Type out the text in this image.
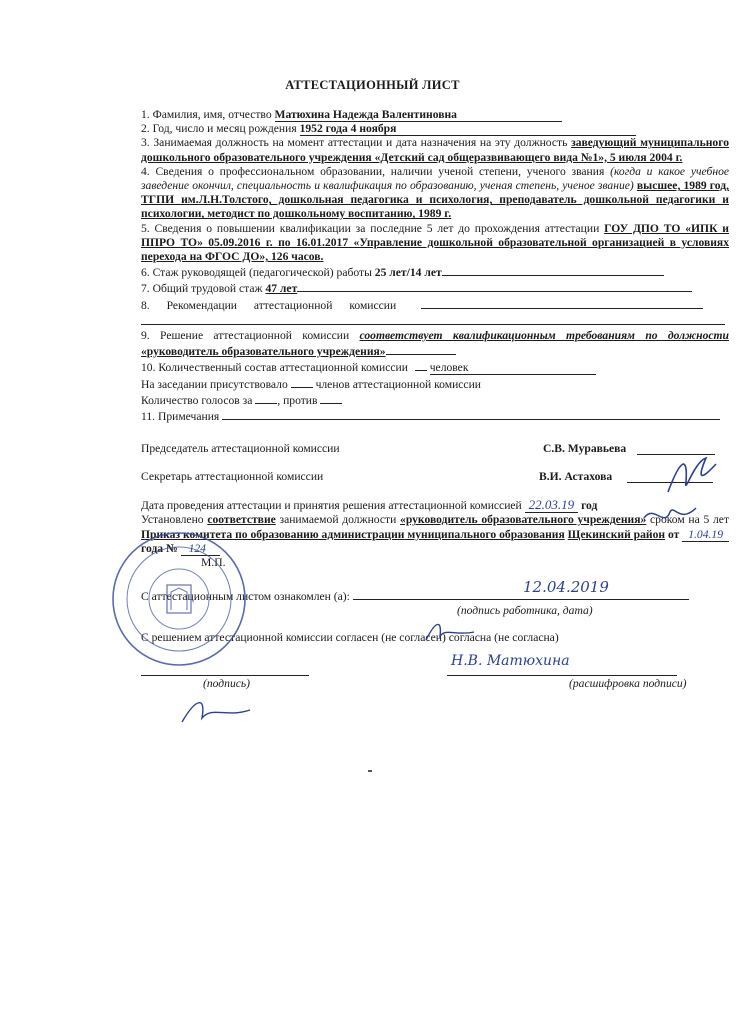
АТТЕСТАЦИОННЫЙ ЛИСТ
1. Фамилия, имя, отчество Матюхина Надежда Валентиновна
2. Год, число и месяц рождения 1952 года 4 ноября
3. Занимаемая должность на момент аттестации и дата назначения на эту должность заведующий муниципального дошкольного образовательного учреждения «Детский сад общеразвивающего вида №1», 5 июля 2004 г.
4. Сведения о профессиональном образовании, наличии ученой степени, ученого звания (когда и какое учебное заведение окончил, специальность и квалификация по образованию, ученая степень, ученое звание) высшее, 1989 год, ТГПИ им.Л.Н.Толстого, дошкольная педагогика и психология, преподаватель дошкольной педагогики и психологии, методист по дошкольному воспитанию, 1989 г.
5. Сведения о повышении квалификации за последние 5 лет до прохождения аттестации ГОУ ДПО ТО «ИПК и ППРО ТО» 05.09.2016 г. по 16.01.2017 «Управление дошкольной образовательной организацией в условиях перехода на ФГОС ДО», 126 часов.
6. Стаж руководящей (педагогической) работы 25 лет/14 лет
7. Общий трудовой стаж 47 лет
8. Рекомендации аттестационной комиссии
9. Решение аттестационной комиссии соответствует квалификационным требованиям по должности «руководитель образовательного учреждения»
10. Количественный состав аттестационной комиссии человек
На заседании присутствовало членов аттестационной комиссии
Количество голосов за , против
11. Примечания
Председатель аттестационной комиссии	С.В. Муравьева
Секретарь аттестационной комиссии	В.И. Астахова
Дата проведения аттестации и принятия решения аттестационной комиссией 22.03.19 год
Установлено соответствие занимаемой должности «руководитель образовательного учреждения» сроком на 5 лет Приказ комитета по образованию администрации муниципального образования Щекинский район от 1.04.19 года № 124
М.П.
С аттестационным листом ознакомлен (а):
12.04.2019
(подпись работника, дата)
С решением аттестационной комиссии согласен (не согласен) согласна (не согласна)
Н.В. Матюхина
(подпись)	(расшифровка подписи)
